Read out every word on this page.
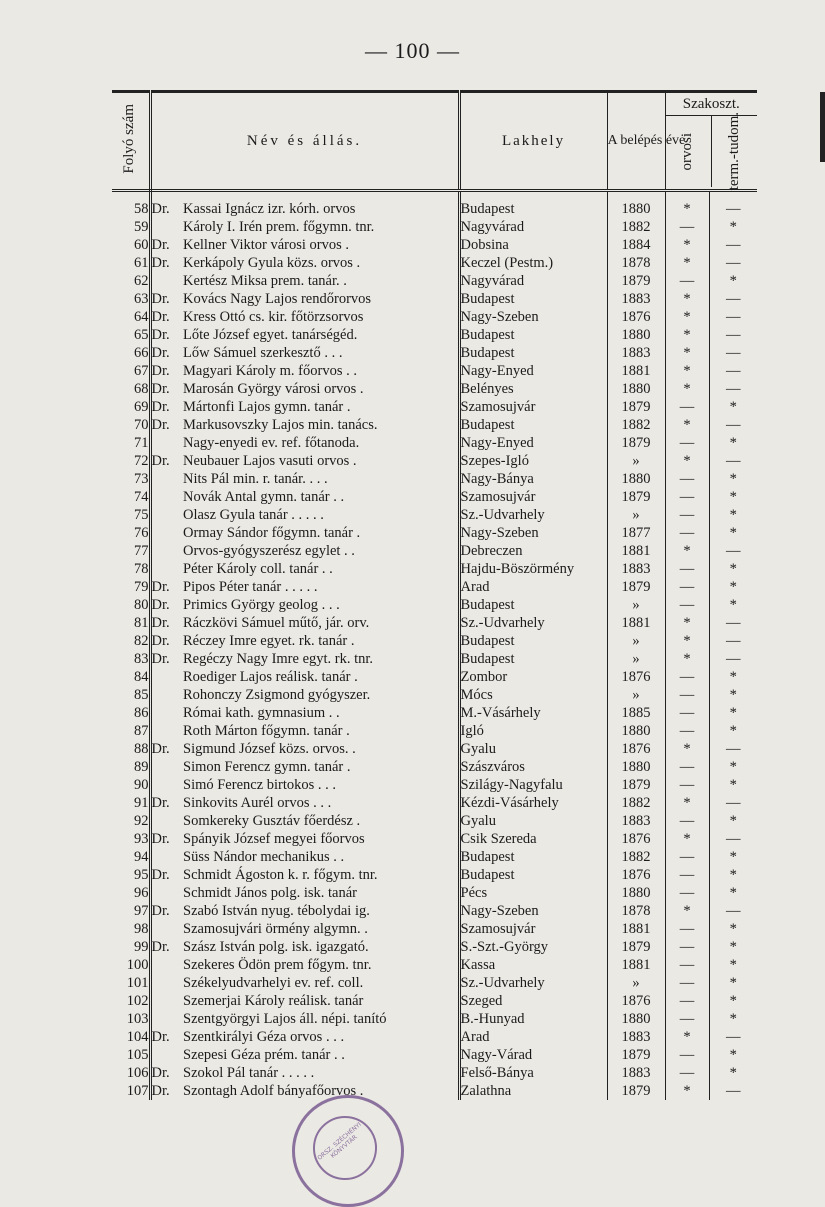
— 100 —
Folyó szám	Név és állás.		Lakhely	A belépés éve	Szakoszt.
orvosi term.-tudom.	

58	Dr.	Kassai Ignácz izr. kórh. orvos	Budapest	1880	*	—
59		Károly I. Irén prem. főgymn. tnr.	Nagyvárad	1882	—	*
60	Dr.	Kellner Viktor városi orvos .	Dobsina	1884	*	—
61	Dr.	Kerkápoly Gyula közs. orvos .	Keczel (Pestm.)	1878	*	—
62		Kertész Miksa prem. tanár. .	Nagyvárad	1879	—	*
63	Dr.	Kovács Nagy Lajos rendőrorvos	Budapest	1883	*	—
64	Dr.	Kress Ottó cs. kir. főtörzsorvos	Nagy-Szeben	1876	*	—
65	Dr.	Lőte József egyet. tanárségéd.	Budapest	1880	*	—
66	Dr.	Lőw Sámuel szerkesztő . . .	Budapest	1883	*	—
67	Dr.	Magyari Károly m. főorvos . .	Nagy-Enyed	1881	*	—
68	Dr.	Marosán György városi orvos .	Belényes	1880	*	—
69	Dr.	Mártonfi Lajos gymn. tanár .	Szamosujvár	1879	—	*
70	Dr.	Markusovszky Lajos min. tanács.	Budapest	1882	*	—
71		Nagy-enyedi ev. ref. főtanoda.	Nagy-Enyed	1879	—	*
72	Dr.	Neubauer Lajos vasuti orvos .	Szepes-Igló	»	*	—
73		Nits Pál min. r. tanár. . . .	Nagy-Bánya	1880	—	*
74		Novák Antal gymn. tanár . .	Szamosujvár	1879	—	*
75		Olasz Gyula tanár . . . . .	Sz.-Udvarhely	»	—	*
76		Ormay Sándor főgymn. tanár .	Nagy-Szeben	1877	—	*
77		Orvos-gyógyszerész egylet . .	Debreczen	1881	*	—
78		Péter Károly coll. tanár . .	Hajdu-Böszörmény	1883	—	*
79	Dr.	Pipos Péter tanár . . . . .	Arad	1879	—	*
80	Dr.	Primics György geolog . . .	Budapest	»	—	*
81	Dr.	Ráczkövi Sámuel műtő, jár. orv.	Sz.-Udvarhely	1881	*	—
82	Dr.	Réczey Imre egyet. rk. tanár .	Budapest	»	*	—
83	Dr.	Regéczy Nagy Imre egyt. rk. tnr.	Budapest	»	*	—
84		Roediger Lajos reálisk. tanár .	Zombor	1876	—	*
85		Rohonczy Zsigmond gyógyszer.	Mócs	»	—	*
86		Római kath. gymnasium . .	M.-Vásárhely	1885	—	*
87		Roth Márton főgymn. tanár .	Igló	1880	—	*
88	Dr.	Sigmund József közs. orvos. .	Gyalu	1876	*	—
89		Simon Ferencz gymn. tanár .	Szászváros	1880	—	*
90		Simó Ferencz birtokos . . .	Szilágy-Nagyfalu	1879	—	*
91	Dr.	Sinkovits Aurél orvos . . .	Kézdi-Vásárhely	1882	*	—
92		Somkereky Gusztáv főerdész .	Gyalu	1883	—	*
93	Dr.	Spányik József megyei főorvos	Csik Szereda	1876	*	—
94		Süss Nándor mechanikus . .	Budapest	1882	—	*
95	Dr.	Schmidt Ágoston k. r. főgym. tnr.	Budapest	1876	—	*
96		Schmidt János polg. isk. tanár	Pécs	1880	—	*
97	Dr.	Szabó István nyug. tébolydai ig.	Nagy-Szeben	1878	*	—
98		Szamosujvári örmény algymn. .	Szamosujvár	1881	—	*
99	Dr.	Szász István polg. isk. igazgató.	S.-Szt.-György	1879	—	*
100		Szekeres Ödön prem főgym. tnr.	Kassa	1881	—	*
101		Székelyudvarhelyi ev. ref. coll.	Sz.-Udvarhely	»	—	*
102		Szemerjai Károly reálisk. tanár	Szeged	1876	—	*
103		Szentgyörgyi Lajos áll. népi. tanító	B.-Hunyad	1880	—	*
104	Dr.	Szentkirályi Géza orvos . . .	Arad	1883	*	—
105		Szepesi Géza prém. tanár . .	Nagy-Várad	1879	—	*
106	Dr.	Szokol Pál tanár . . . . .	Felső-Bánya	1883	—	*
107	Dr.	Szontagh Adolf bányafőorvos .	Zalathna	1879	*	—
ORSZ. SZÉCHÉNYI KÖNYVTÁR
